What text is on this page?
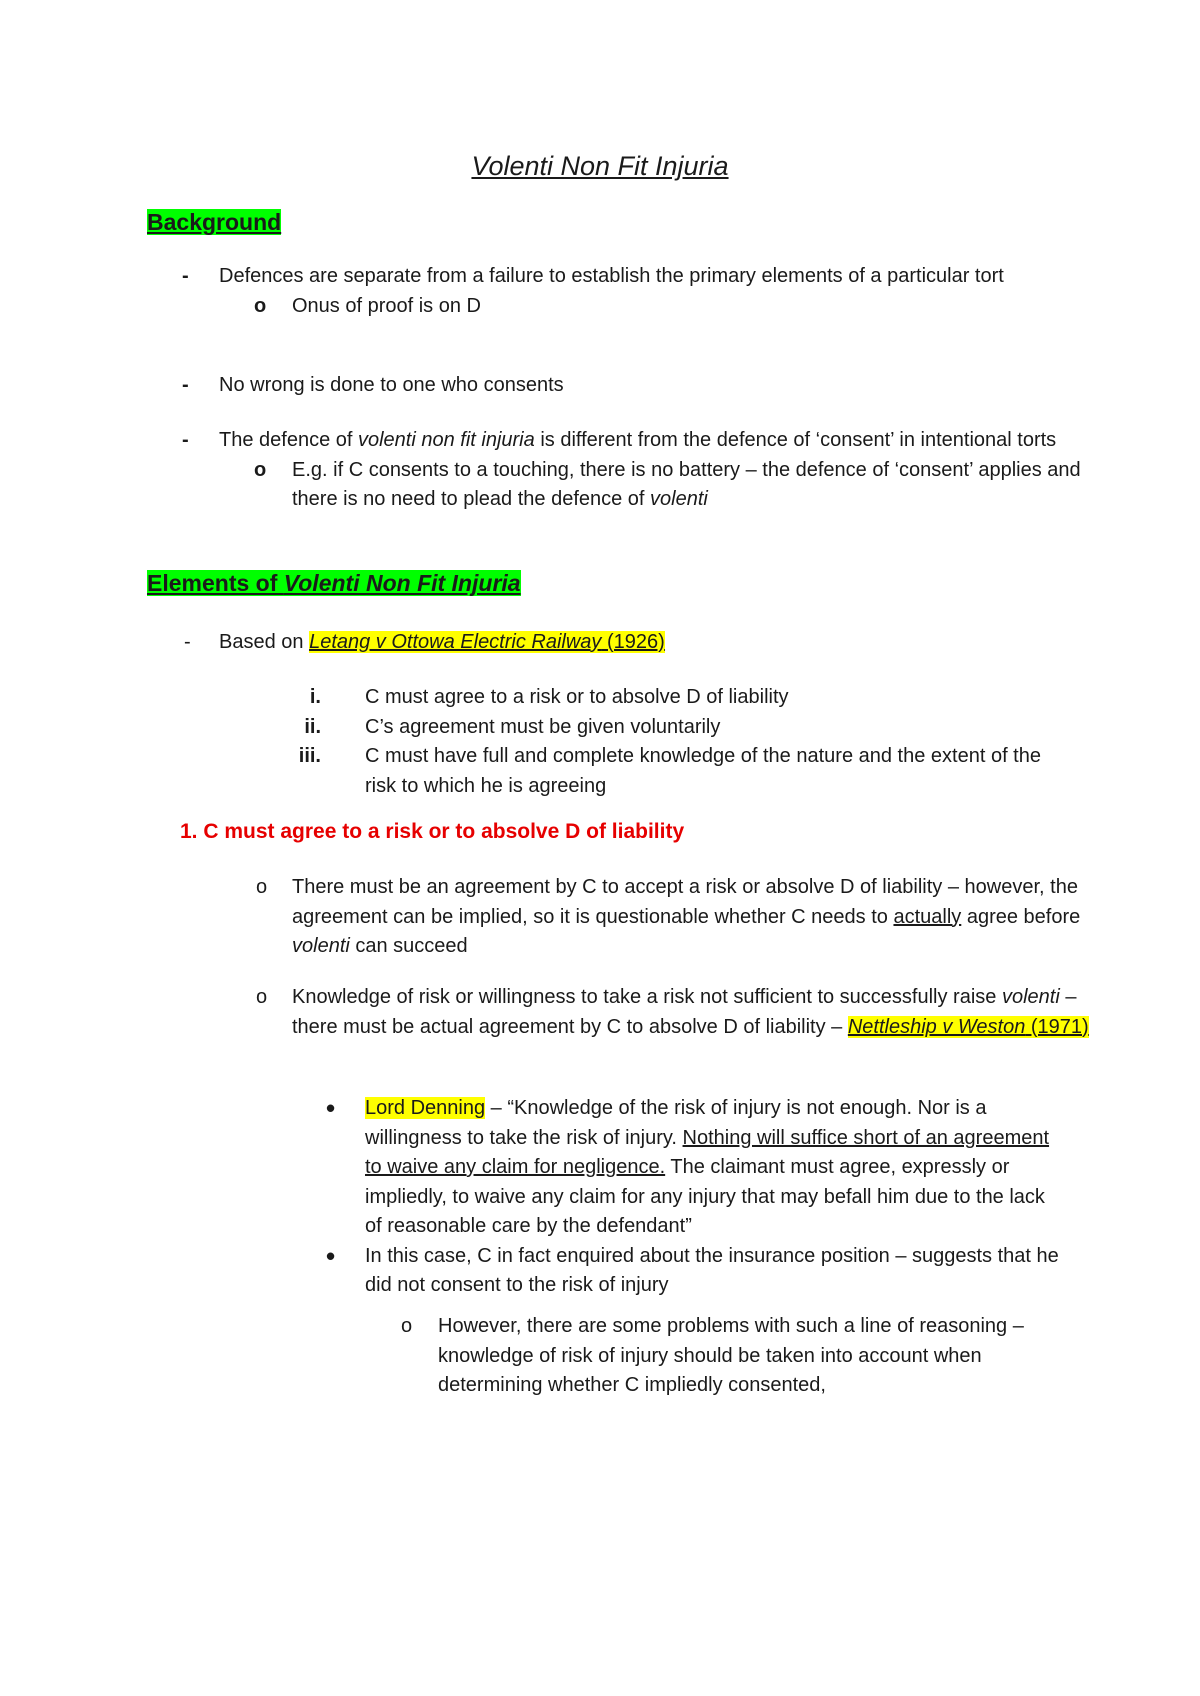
Volenti Non Fit Injuria
Background
- Defences are separate from a failure to establish the primary elements of a particular tort
o Onus of proof is on D
- No wrong is done to one who consents
- The defence of volenti non fit injuria is different from the defence of ‘consent’ in intentional torts
o E.g. if C consents to a touching, there is no battery – the defence of ‘consent’ applies and there is no need to plead the defence of volenti
Elements of Volenti Non Fit Injuria
- Based on Letang v Ottowa Electric Railway (1926)
i. C must agree to a risk or to absolve D of liability
ii. C’s agreement must be given voluntarily
iii. C must have full and complete knowledge of the nature and the extent of the risk to which he is agreeing
1. C must agree to a risk or to absolve D of liability
o There must be an agreement by C to accept a risk or absolve D of liability – however, the agreement can be implied, so it is questionable whether C needs to actually agree before volenti can succeed
o Knowledge of risk or willingness to take a risk not sufficient to successfully raise volenti – there must be actual agreement by C to absolve D of liability – Nettleship v Weston (1971)
• Lord Denning – “Knowledge of the risk of injury is not enough. Nor is a willingness to take the risk of injury. Nothing will suffice short of an agreement to waive any claim for negligence. The claimant must agree, expressly or impliedly, to waive any claim for any injury that may befall him due to the lack of reasonable care by the defendant”
• In this case, C in fact enquired about the insurance position – suggests that he did not consent to the risk of injury
o However, there are some problems with such a line of reasoning – knowledge of risk of injury should be taken into account when determining whether C impliedly consented,
